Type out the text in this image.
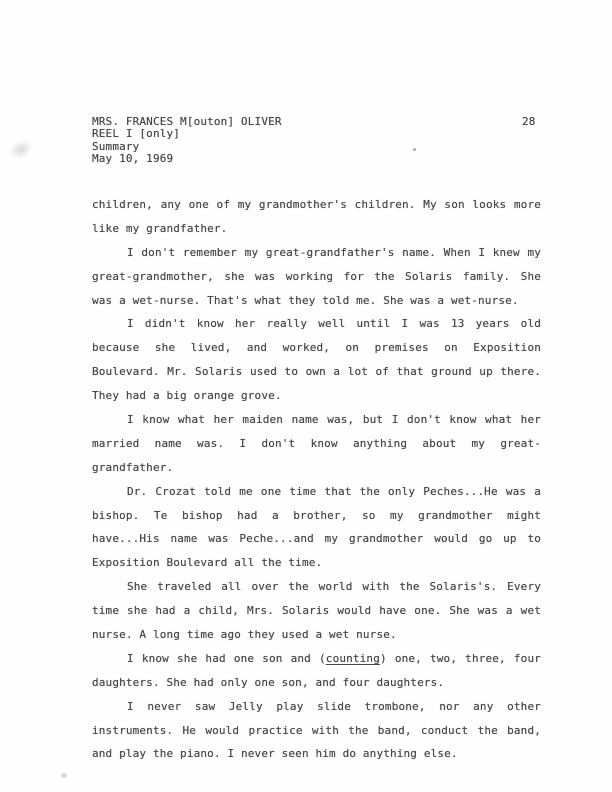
MRS. FRANCES M[outon] OLIVER
REEL I [only]
Summary
May 10, 1969
28
children, any one of my grandmother's children. My son looks more
like my grandfather.
I don't remember my great-grandfather's name. When I knew my
great-grandmother, she was working for the Solaris family. She
was a wet-nurse. That's what they told me. She was a wet-nurse.
I didn't know her really well until I was 13 years old
because she lived, and worked, on premises on Exposition
Boulevard. Mr. Solaris used to own a lot of that ground up there.
They had a big orange grove.
I know what her maiden name was, but I don't know what her
married name was. I don't know anything about my great-
grandfather.
Dr. Crozat told me one time that the only Peches...He was a
bishop. Te bishop had a brother, so my grandmother might
have...His name was Peche...and my grandmother would go up to
Exposition Boulevard all the time.
She traveled all over the world with the Solaris's. Every
time she had a child, Mrs. Solaris would have one. She was a wet
nurse. A long time ago they used a wet nurse.
I know she had one son and (counting) one, two, three, four
daughters. She had only one son, and four daughters.
I never saw Jelly play slide trombone, nor any other
instruments. He would practice with the band, conduct the band,
and play the piano. I never seen him do anything else.
